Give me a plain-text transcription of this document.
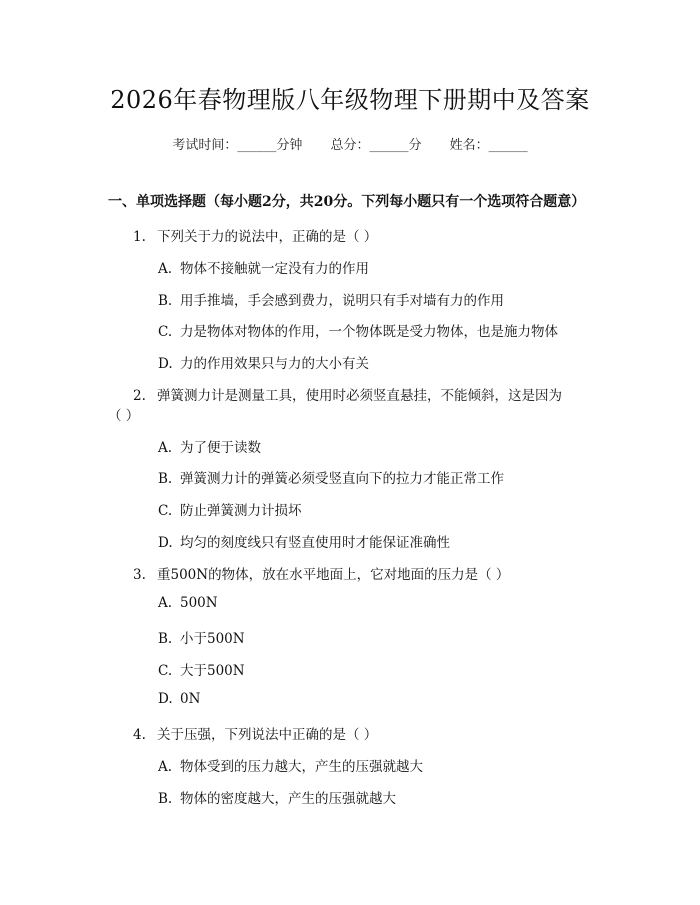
2026年春物理版八年级物理下册期中及答案
考试时间：______分钟 总分：______分 姓名：______
一、单项选择题（每小题2分，共20分。下列每小题只有一个选项符合题意）
1. 下列关于力的说法中，正确的是（ ）
A. 物体不接触就一定没有力的作用
B. 用手推墙，手会感到费力，说明只有手对墙有力的作用
C. 力是物体对物体的作用，一个物体既是受力物体，也是施力物体
D. 力的作用效果只与力的大小有关
2. 弹簧测力计是测量工具，使用时必须竖直悬挂，不能倾斜，这是因为
（ ）
A. 为了便于读数
B. 弹簧测力计的弹簧必须受竖直向下的拉力才能正常工作
C. 防止弹簧测力计损坏
D. 均匀的刻度线只有竖直使用时才能保证准确性
3. 重500N的物体，放在水平地面上，它对地面的压力是（ ）
A. 500N
B. 小于500N
C. 大于500N
D. 0N
4. 关于压强，下列说法中正确的是（ ）
A. 物体受到的压力越大，产生的压强就越大
B. 物体的密度越大，产生的压强就越大
